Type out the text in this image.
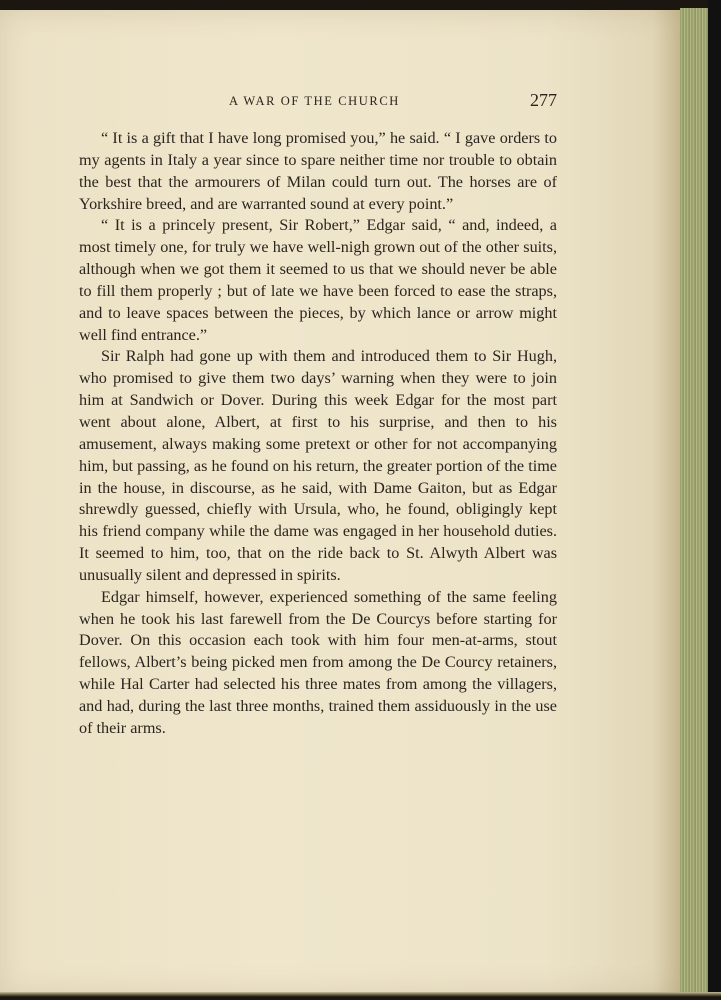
A WAR OF THE CHURCH	277

“ It is a gift that I have long promised you,” he said. “ I gave orders to my agents in Italy a year since to spare neither time nor trouble to obtain the best that the armourers of Milan could turn out. The horses are of Yorkshire breed, and are warranted sound at every point.”

“ It is a princely present, Sir Robert,” Edgar said, “ and, indeed, a most timely one, for truly we have well-nigh grown out of the other suits, although when we got them it seemed to us that we should never be able to fill them properly ; but of late we have been forced to ease the straps, and to leave spaces between the pieces, by which lance or arrow might well find entrance.”

Sir Ralph had gone up with them and introduced them to Sir Hugh, who promised to give them two days’ warning when they were to join him at Sandwich or Dover. During this week Edgar for the most part went about alone, Albert, at first to his surprise, and then to his amusement, always making some pretext or other for not accompanying him, but passing, as he found on his return, the greater portion of the time in the house, in discourse, as he said, with Dame Gaiton, but as Edgar shrewdly guessed, chiefly with Ursula, who, he found, obligingly kept his friend company while the dame was engaged in her household duties. It seemed to him, too, that on the ride back to St. Alwyth Albert was unusually silent and depressed in spirits.

Edgar himself, however, experienced something of the same feeling when he took his last farewell from the De Courcys before starting for Dover. On this occasion each took with him four men-at-arms, stout fellows, Albert’s being picked men from among the De Courcy retainers, while Hal Carter had selected his three mates from among the villagers, and had, during the last three months, trained them assiduously in the use of their arms.
